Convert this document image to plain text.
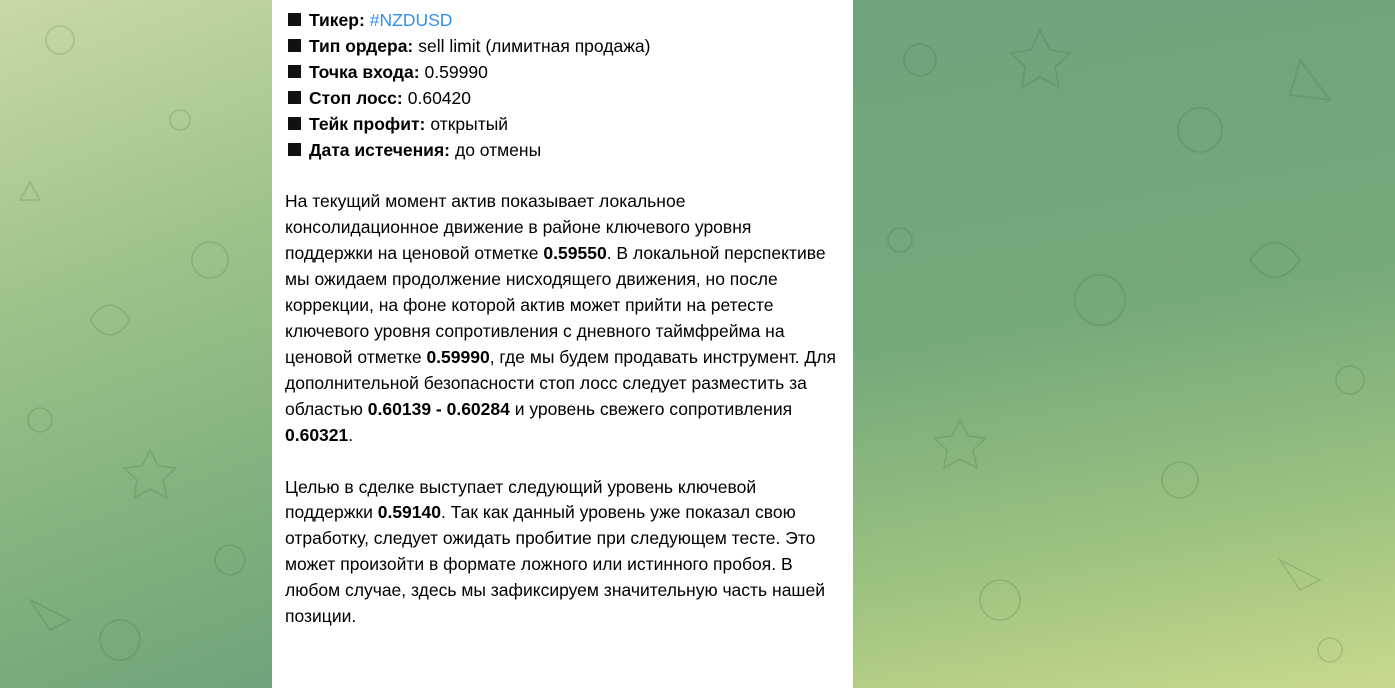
Тикер: #NZDUSD
Тип ордера: sell limit (лимитная продажа)
Точка входа: 0.59990
Стоп лосс: 0.60420
Тейк профит: открытый
Дата истечения: до отмены

На текущий момент актив показывает локальное консолидационное движение в районе ключевого уровня поддержки на ценовой отметке 0.59550. В локальной перспективе мы ожидаем продолжение нисходящего движения, но после коррекции, на фоне которой актив может прийти на ретесте ключевого уровня сопротивления с дневного таймфрейма на ценовой отметке 0.59990, где мы будем продавать инструмент. Для дополнительной безопасности стоп лосс следует разместить за областью 0.60139 - 0.60284 и уровень свежего сопротивления 0.60321.

Целью в сделке выступает следующий уровень ключевой поддержки 0.59140. Так как данный уровень уже показал свою отработку, следует ожидать пробитие при следующем тесте. Это может произойти в формате ложного или истинного пробоя. В любом случае, здесь мы зафиксируем значительную часть нашей позиции.
